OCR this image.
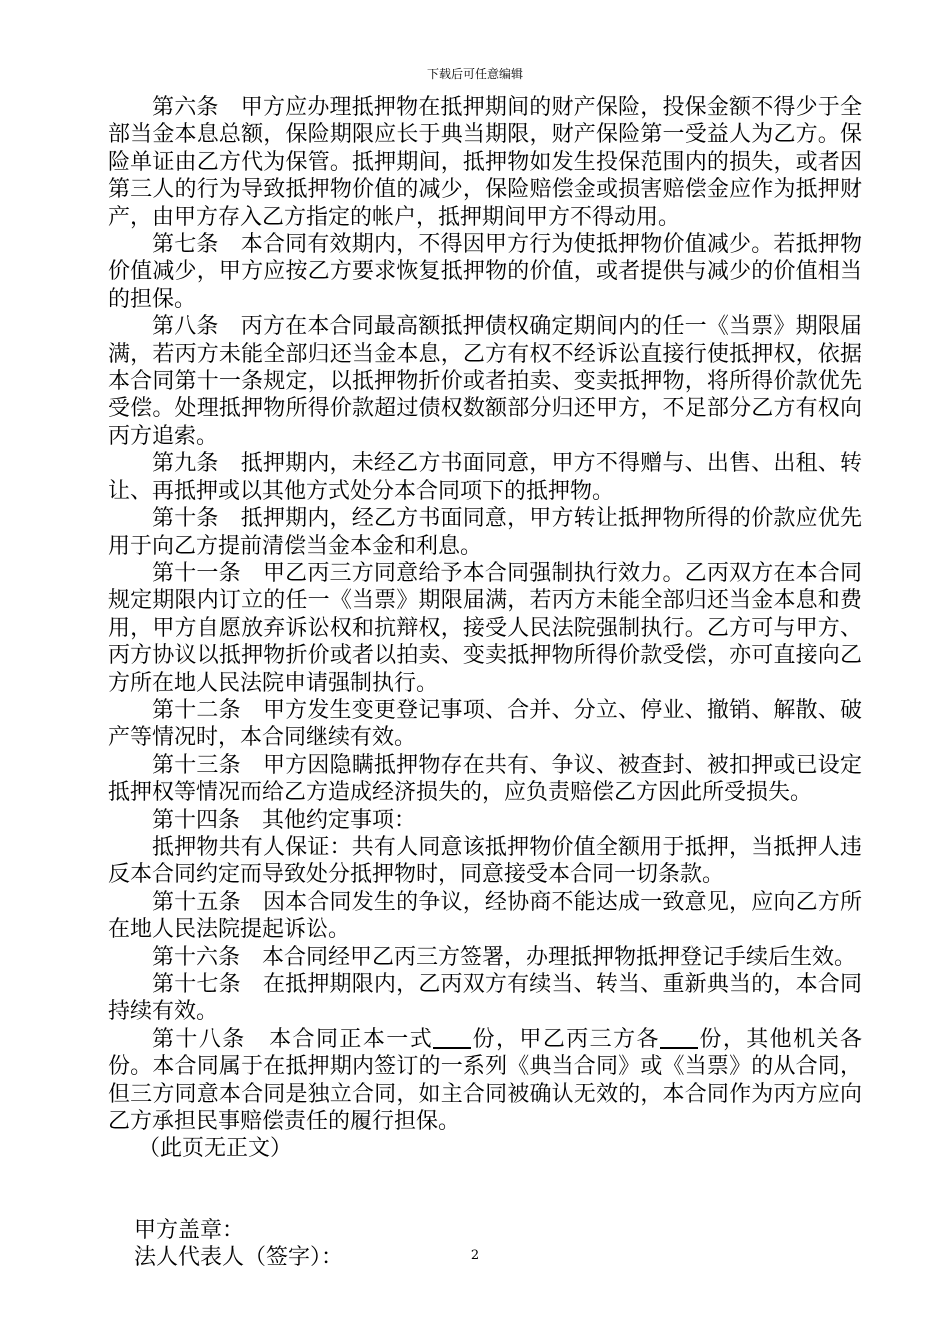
下载后可任意编辑

第六条　甲方应办理抵押物在抵押期间的财产保险，投保金额不得少于全部当金本息总额，保险期限应长于典当期限，财产保险第一受益人为乙方。保险单证由乙方代为保管。抵押期间，抵押物如发生投保范围内的损失，或者因第三人的行为导致抵押物价值的减少，保险赔偿金或损害赔偿金应作为抵押财产，由甲方存入乙方指定的帐户，抵押期间甲方不得动用。

第七条　本合同有效期内，不得因甲方行为使抵押物价值减少。若抵押物价值减少，甲方应按乙方要求恢复抵押物的价值，或者提供与减少的价值相当的担保。

第八条　丙方在本合同最高额抵押债权确定期间内的任一《当票》期限届满，若丙方未能全部归还当金本息，乙方有权不经诉讼直接行使抵押权，依据本合同第十一条规定，以抵押物折价或者拍卖、变卖抵押物，将所得价款优先受偿。处理抵押物所得价款超过债权数额部分归还甲方，不足部分乙方有权向丙方追索。

第九条　抵押期内，未经乙方书面同意，甲方不得赠与、出售、出租、转让、再抵押或以其他方式处分本合同项下的抵押物。

第十条　抵押期内，经乙方书面同意，甲方转让抵押物所得的价款应优先用于向乙方提前清偿当金本金和利息。

第十一条　甲乙丙三方同意给予本合同强制执行效力。乙丙双方在本合同规定期限内订立的任一《当票》期限届满，若丙方未能全部归还当金本息和费用，甲方自愿放弃诉讼权和抗辩权，接受人民法院强制执行。乙方可与甲方、丙方协议以抵押物折价或者以拍卖、变卖抵押物所得价款受偿，亦可直接向乙方所在地人民法院申请强制执行。

第十二条　甲方发生变更登记事项、合并、分立、停业、撤销、解散、破产等情况时，本合同继续有效。

第十三条　甲方因隐瞒抵押物存在共有、争议、被查封、被扣押或已设定抵押权等情况而给乙方造成经济损失的，应负责赔偿乙方因此所受损失。

第十四条　其他约定事项：

抵押物共有人保证：共有人同意该抵押物价值全额用于抵押，当抵押人违反本合同约定而导致处分抵押物时，同意接受本合同一切条款。

第十五条　因本合同发生的争议，经协商不能达成一致意见，应向乙方所在地人民法院提起诉讼。

第十六条　本合同经甲乙丙三方签署，办理抵押物抵押登记手续后生效。

第十七条　在抵押期限内，乙丙双方有续当、转当、重新典当的，本合同持续有效。

第十八条　本合同正本一式 份，甲乙丙三方各 份，其他机关各份。本合同属于在抵押期内签订的一系列《典当合同》或《当票》的从合同，但三方同意本合同是独立合同，如主合同被确认无效的，本合同作为丙方应向乙方承担民事赔偿责任的履行担保。

（此页无正文）

甲方盖章：

法人代表人（签字）：	2
